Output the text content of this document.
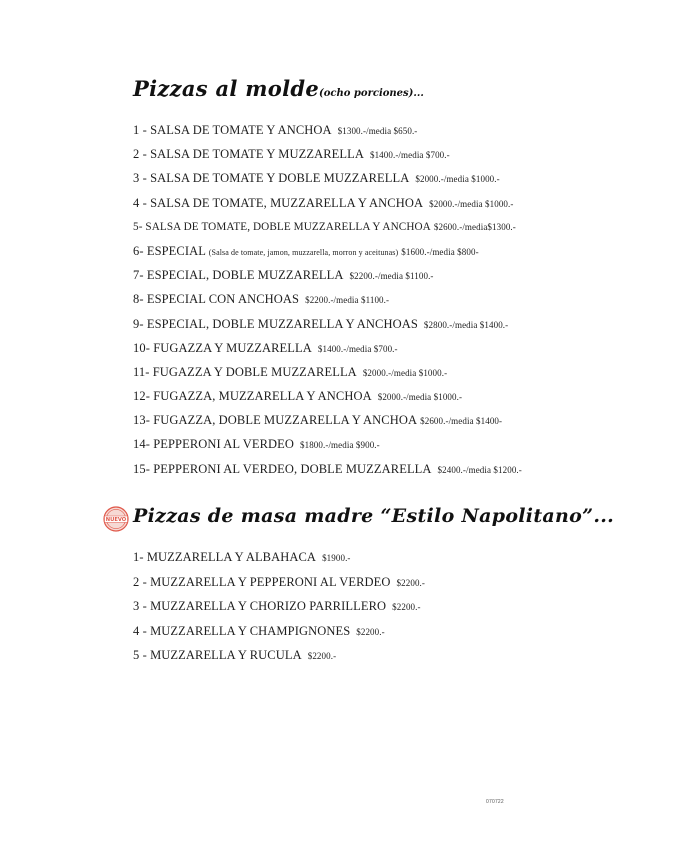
Pizzas al molde(ocho porciones)...
1 - SALSA DE TOMATE Y ANCHOA $1300.-/media $650.-
2 - SALSA DE TOMATE Y MUZZARELLA $1400.-/media $700.-
3 - SALSA DE TOMATE Y DOBLE MUZZARELLA $2000.-/media $1000.-
4 - SALSA DE TOMATE, MUZZARELLA Y ANCHOA $2000.-/media $1000.-
5- SALSA DE TOMATE, DOBLE MUZZARELLA Y ANCHOA $2600.-/media$1300.-
6- ESPECIAL (Salsa de tomate, jamon, muzzarella, morron y aceitunas) $1600.-/media $800-
7- ESPECIAL, DOBLE MUZZARELLA $2200.-/media $1100.-
8- ESPECIAL CON ANCHOAS $2200.-/media $1100.-
9- ESPECIAL, DOBLE MUZZARELLA Y ANCHOAS $2800.-/media $1400.-
10- FUGAZZA Y MUZZARELLA $1400.-/media $700.-
11- FUGAZZA Y DOBLE MUZZARELLA $2000.-/media $1000.-
12- FUGAZZA, MUZZARELLA Y ANCHOA $2000.-/media $1000.-
13- FUGAZZA, DOBLE MUZZARELLA Y ANCHOA $2600.-/media $1400-
14- PEPPERONI AL VERDEO $1800.-/media $900.-
15- PEPPERONI AL VERDEO, DOBLE MUZZARELLA $2400.-/media $1200.-
NUEVO Pizzas de masa madre “Estilo Napolitano”...
1- MUZZARELLA Y ALBAHACA $1900.-
2 - MUZZARELLA Y PEPPERONI AL VERDEO $2200.-
3 - MUZZARELLA Y CHORIZO PARRILLERO $2200.-
4 - MUZZARELLA Y CHAMPIGNONES $2200.-
5 - MUZZARELLA Y RUCULA $2200.-
070722
